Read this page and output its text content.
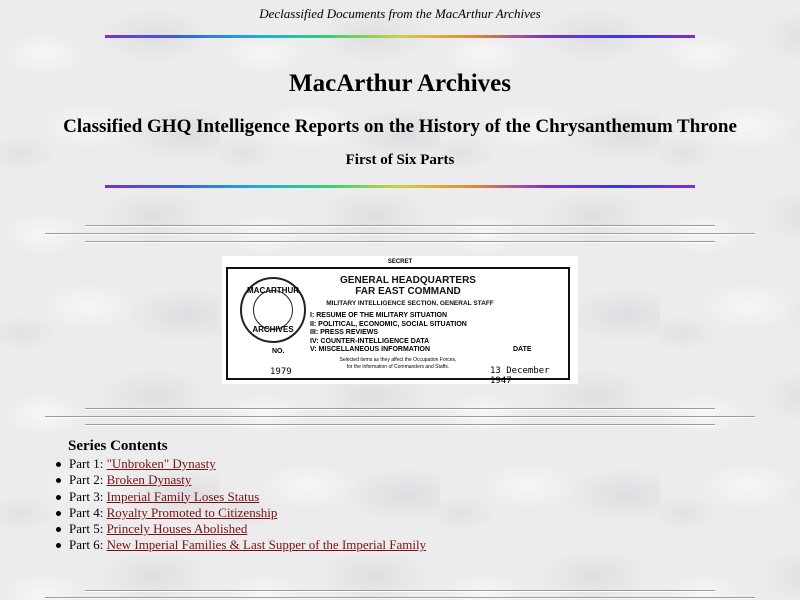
Declassified Documents from the MacArthur Archives
MacArthur Archives
Classified GHQ Intelligence Reports on the History of the Chrysanthemum Throne
First of Six Parts
SECRET
MACARTHUR
ARCHIVES
GENERAL HEADQUARTERS
FAR EAST COMMAND
MILITARY INTELLIGENCE SECTION, GENERAL STAFF
I: RESUME OF THE MILITARY SITUATION
II: POLITICAL, ECONOMIC, SOCIAL SITUATION
III: PRESS REVIEWS
IV: COUNTER-INTELLIGENCE DATA
V: MISCELLANEOUS INFORMATION
NO.	DATE
Selected items as they affect the Occupation Forces,
for the information of Commanders and Staffs.
1979	13 December 1947
Series Contents
Part 1: "Unbroken" Dynasty
Part 2: Broken Dynasty
Part 3: Imperial Family Loses Status
Part 4: Royalty Promoted to Citizenship
Part 5: Princely Houses Abolished
Part 6: New Imperial Families & Last Supper of the Imperial Family
